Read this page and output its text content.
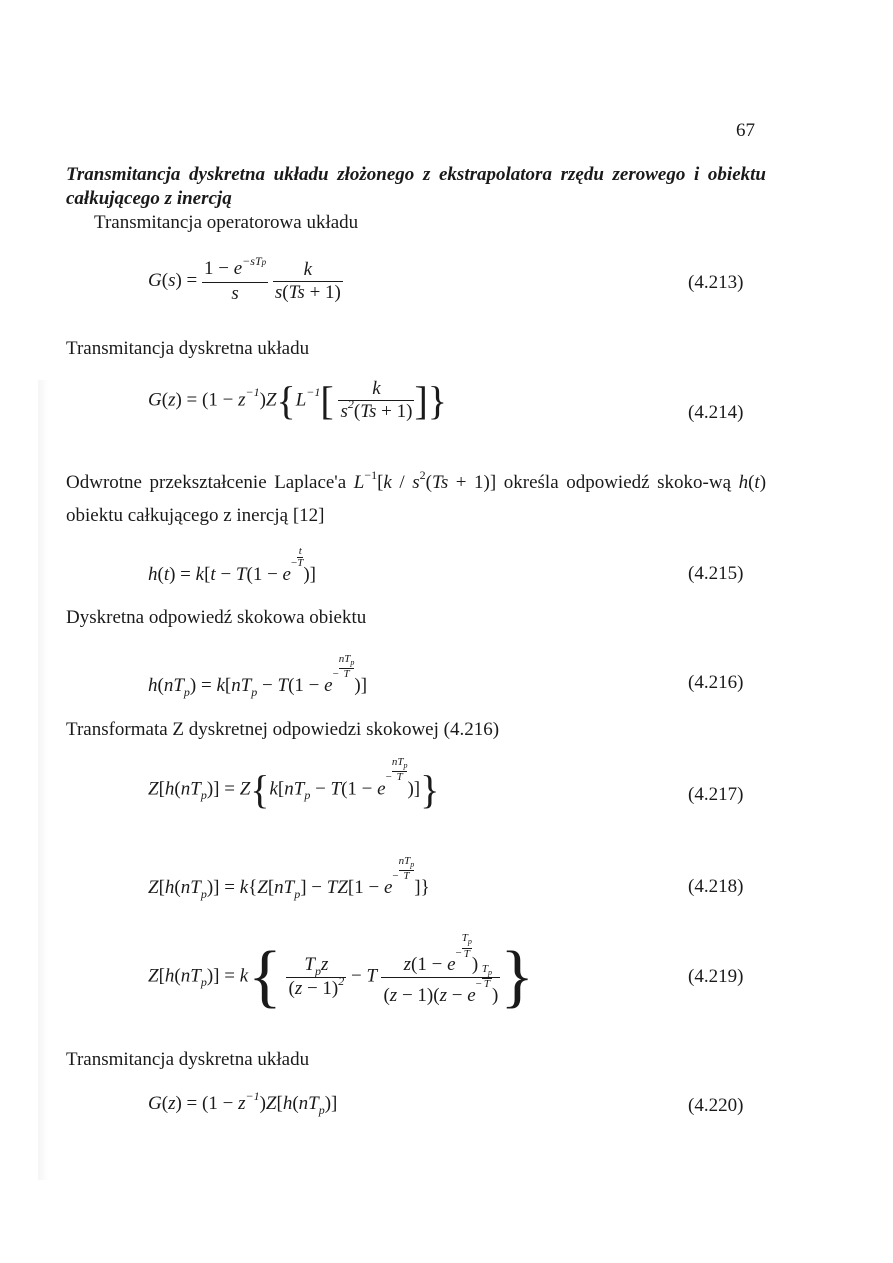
67
Transmitancja dyskretna układu złożonego z ekstrapolatora rzędu zerowego i obiektu całkującego z inercją
Transmitancja operatorowa układu
$G(s) = \frac{1 - e^{-sTp}}{s}$
$\frac{k}{s(Ts + 1)}$	(4.213)
Transmitancja dyskretna układu
$G(z) = (1 - z^{-1})Z\{L^{-1}[ \frac{k}{s^2(Ts + 1)}$ ]}	(4.214)
Odwrotne przekształcenie Laplace'a $L^{-1}[k / s^2(Ts + 1)]$ określa odpowiedź skoko-wą h(t) obiektu całkującego z inercją [12]
$h(t) = k[t - T(1 - e- \frac{t}{T}$
)]	(4.215)
Dyskretna odpowiedź skokowa obiektu
$h(nT_p) = k[nT_p - T(1 - e-$
$nT_p$
T
)]	(4.216)
Transformata Z dyskretnej odpowiedzi skokowej (4.216)
$Z[h(nT_p)] = Z\{k[nT_p - T(1 - e-$
$nT_p$
T
)]}	(4.217)
$Z[h(nT_p)] = k\{Z[nT_p] - TZ[1 - e-$
$nT_p$
T
]}	(4.218)
$Z[h(nT_p)] = k\{ \frac{T_pz}{(z - 1)^2} - T$ $z(1 - e- \frac{T_p}{T}$
)
$(z - 1)(z - e- \frac{T_p}{T}$
) }	(4.219)
Transmitancja dyskretna układu
$G(z) = (1 - z^{-1})Z[h(nT_p)]$	(4.220)
